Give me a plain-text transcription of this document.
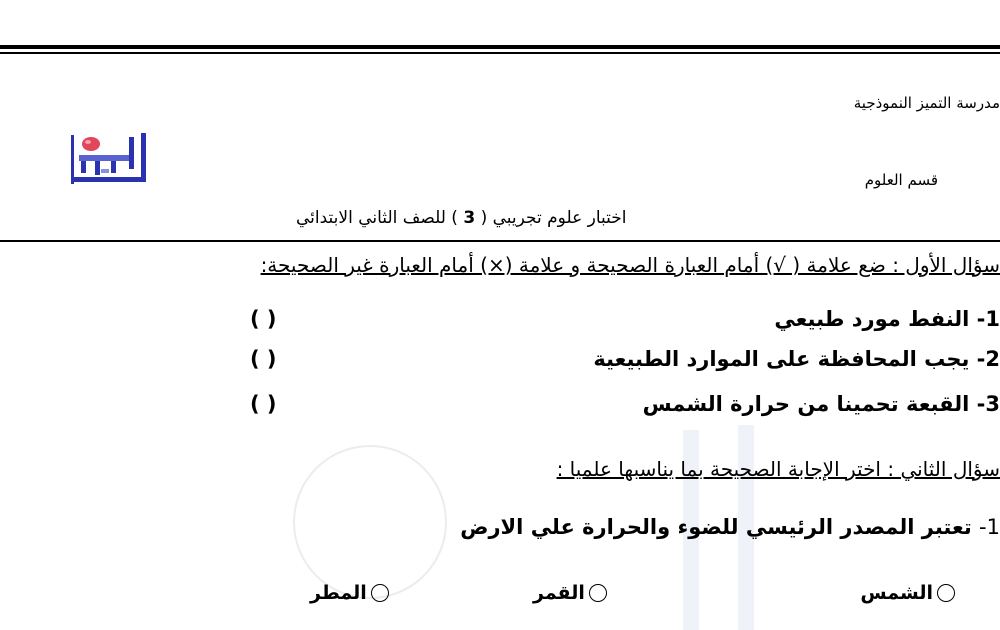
مدرسة التميز النموذجية
قسم العلوم
اختبار علوم تجريبي ( 3 ) للصف الثاني الابتدائي
سؤال الأول : ضع علامة ( √) أمام العبارة الصحيحة و علامة (×) أمام العبارة غير الصحيحة:
1- النفط مورد طبيعي
( )
2- يجب المحافظة على الموارد الطبيعية
( )
3- القبعة تحمينا من حرارة الشمس
( )
سؤال الثاني : اختر الإجابة الصحيحة بما يناسبها علميا :
1- تعتبر المصدر الرئيسي للضوء والحرارة علي الارض
الشمس
القمر
المطر
